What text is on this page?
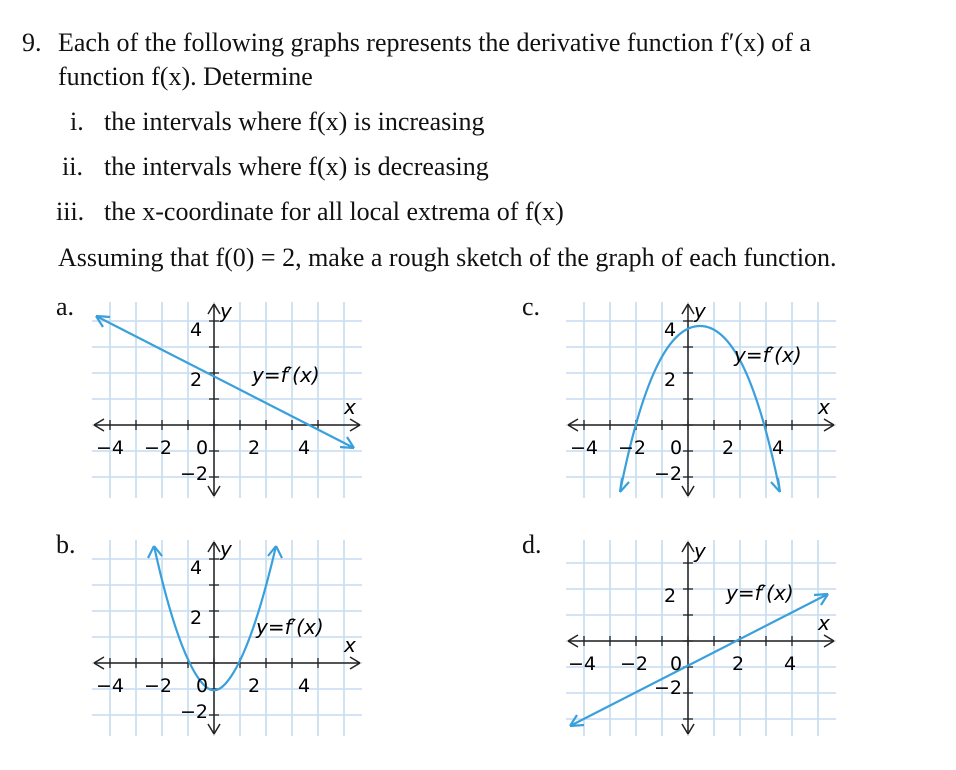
9. Each of the following graphs represents the derivative function f′(x) of a
function f(x). Determine
i. the intervals where f(x) is increasing
ii. the intervals where f(x) is decreasing
iii. the x-coordinate for all local extrema of f(x)
Assuming that f(0) = 2, make a rough sketch of the graph of each function.
a.
b.
c.
d.
y=f′(x)
x
y
−4 −2 0 2 4
4
2
−2
y=f′(x)
x
y
−4 −2 0 2 4
4
2
−2
y=f′(x)
x
y
−4 −2 0 2 4
4
2
−2
y=f′(x)
x
y
−4 −2 0	2 4
2
−2
